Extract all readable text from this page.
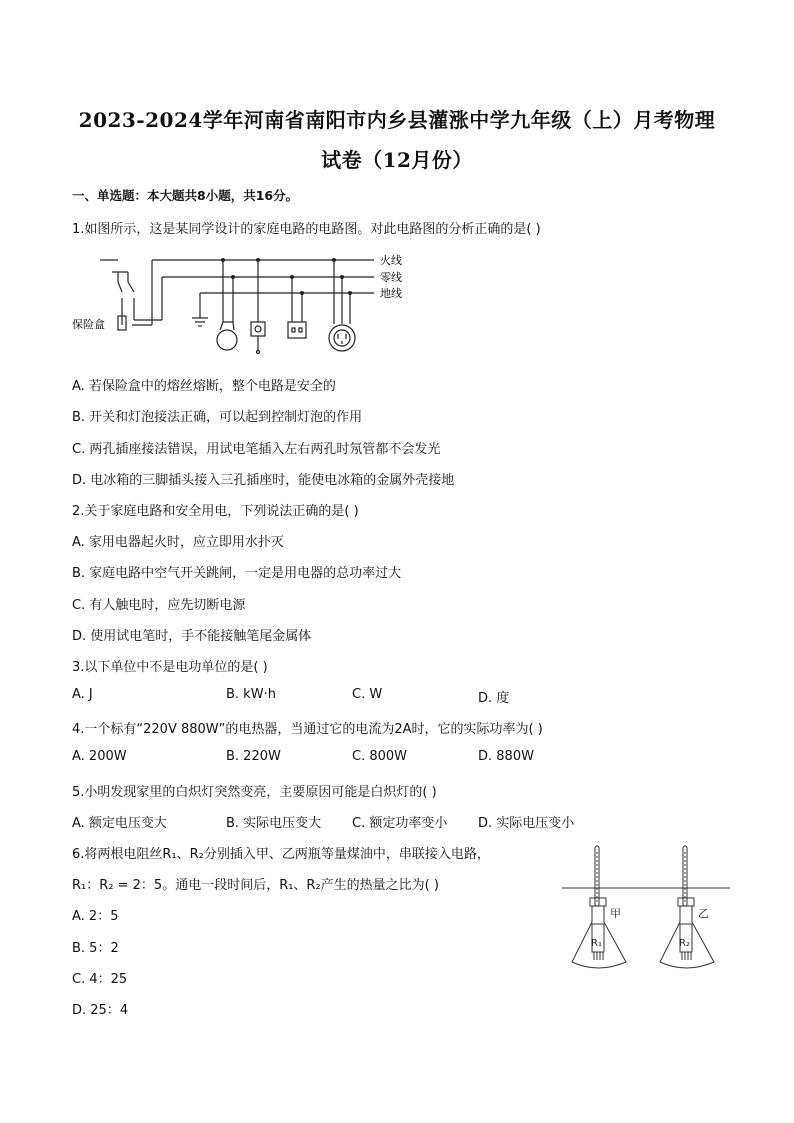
2023-2024学年河南省南阳市内乡县灌涨中学九年级（上）月考物理
试卷（12月份）
一、单选题：本大题共8小题，共16分。
1.如图所示，这是某同学设计的家庭电路的电路图。对此电路图的分析正确的是( )
火线
零线
地线
保险盒
A. 若保险盒中的熔丝熔断，整个电路是安全的
B. 开关和灯泡接法正确，可以起到控制灯泡的作用
C. 两孔插座接法错误，用试电笔插入左右两孔时氖管都不会发光
D. 电冰箱的三脚插头接入三孔插座时，能使电冰箱的金属外壳接地
2.关于家庭电路和安全用电，下列说法正确的是( )
A. 家用电器起火时，应立即用水扑灭
B. 家庭电路中空气开关跳闸，一定是用电器的总功率过大
C. 有人触电时，应先切断电源
D. 使用试电笔时，手不能接触笔尾金属体
3.以下单位中不是电功单位的是( )
A. J	B. kW·h	C. W	D. 度
4.一个标有“220V 880W”的电热器，当通过它的电流为2A时，它的实际功率为( )
A. 200W	B. 220W	C. 800W	D. 880W
5.小明发现家里的白炽灯突然变亮，主要原因可能是白炽灯的( )
A. 额定电压变大	B. 实际电压变大 C. 额定功率变小 D. 实际电压变小
6.将两根电阻丝R₁、R₂分别插入甲、乙两瓶等量煤油中，串联接入电路，
R₁：R₂ = 2：5。通电一段时间后，R₁、R₂产生的热量之比为( )
A. 2：5
B. 5：2
C. 4：25
D. 25：4
甲	乙
R₁	R₂
